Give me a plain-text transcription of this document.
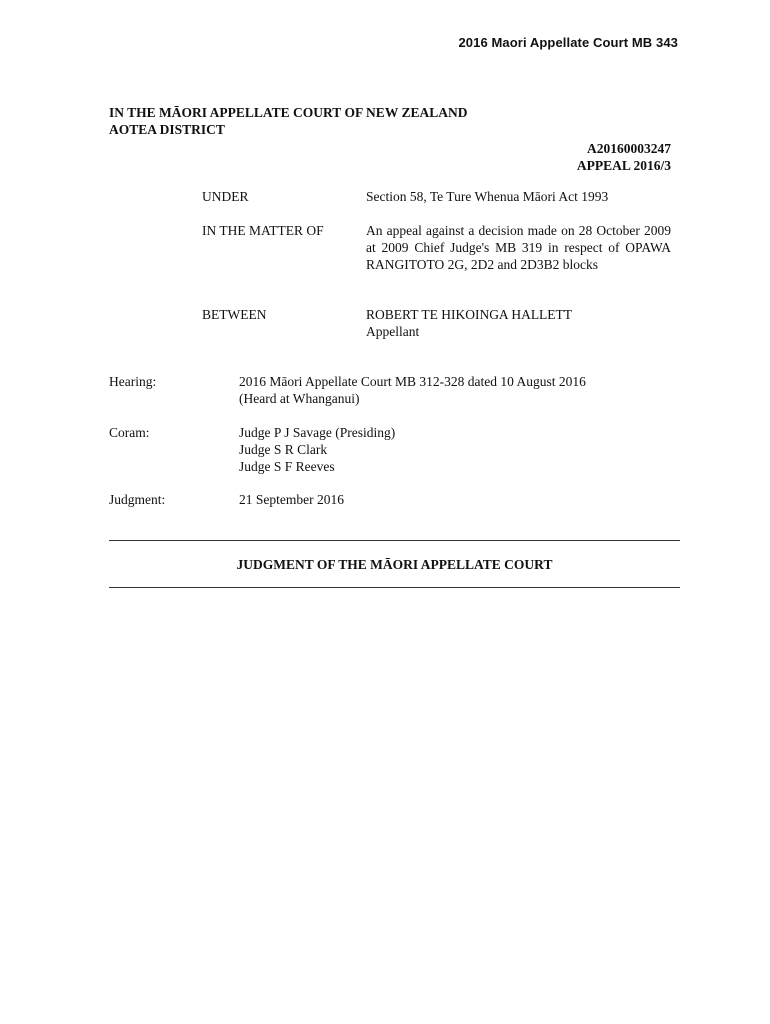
2016 Maori Appellate Court MB 343
IN THE MĀORI APPELLATE COURT OF NEW ZEALAND
AOTEA DISTRICT
A20160003247
APPEAL 2016/3
UNDER	Section 58, Te Ture Whenua Māori Act 1993
IN THE MATTER OF	An appeal against a decision made on 28 October 2009 at 2009 Chief Judge's MB 319 in respect of OPAWA RANGITOTO 2G, 2D2 and 2D3B2 blocks
BETWEEN	ROBERT TE HIKOINGA HALLETT
Appellant
Hearing:	2016 Māori Appellate Court MB 312-328 dated 10 August 2016
(Heard at Whanganui)
Coram:	Judge P J Savage (Presiding)
Judge S R Clark
Judge S F Reeves
Judgment:	21 September 2016
JUDGMENT OF THE MĀORI APPELLATE COURT
